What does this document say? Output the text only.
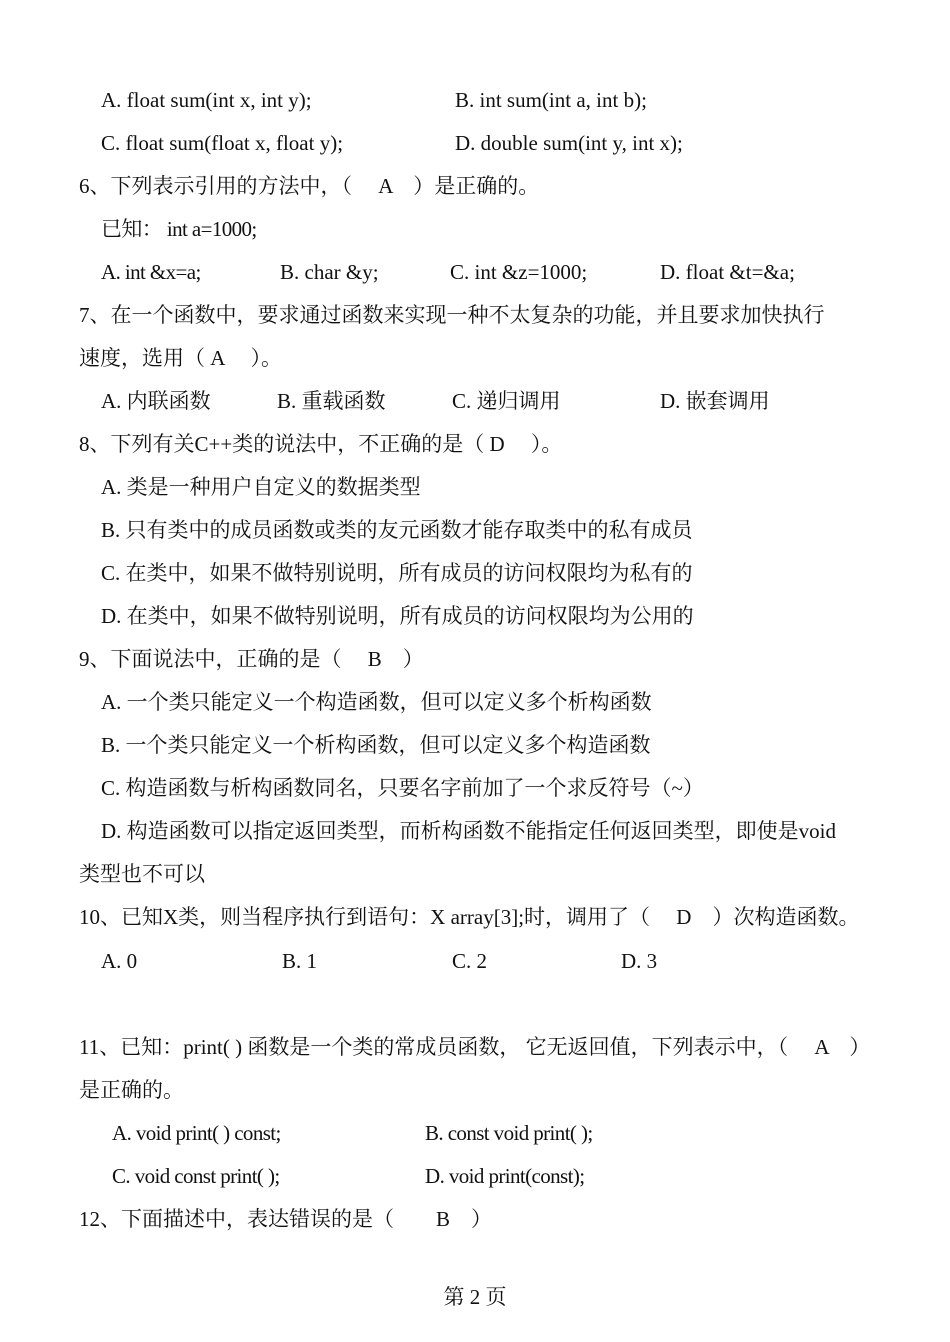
A. float sum(int x, int y);	B. int sum(int a, int b);
C. float sum(float x, float y);	D. double sum(int y, int x);
6、下列表示引用的方法中，（　 A　）是正确的。
已知： int a=1000;
A. int &x=a;	B. char &y;	C. int &z=1000;	D. float &t=&a;
7、在一个函数中，要求通过函数来实现一种不太复杂的功能，并且要求加快执行
速度，选用（ A　 ）。
A. 内联函数	B. 重载函数	C. 递归调用	D. 嵌套调用
8、下列有关C++类的说法中，不正确的是（ D　 ）。
A. 类是一种用户自定义的数据类型
B. 只有类中的成员函数或类的友元函数才能存取类中的私有成员
C. 在类中，如果不做特别说明，所有成员的访问权限均为私有的
D. 在类中，如果不做特别说明，所有成员的访问权限均为公用的
9、下面说法中，正确的是（　 B　）
A. 一个类只能定义一个构造函数，但可以定义多个析构函数
B. 一个类只能定义一个析构函数，但可以定义多个构造函数
C. 构造函数与析构函数同名，只要名字前加了一个求反符号（~）
D. 构造函数可以指定返回类型，而析构函数不能指定任何返回类型，即使是void
类型也不可以
10、已知X类，则当程序执行到语句：X array[3];时，调用了（　 D　）次构造函数。
A. 0	B. 1	C. 2	D. 3
11、已知：print( ) 函数是一个类的常成员函数， 它无返回值，下列表示中，（　 A　）
是正确的。
A. void print( ) const;	B. const void print( );
C. void const print( );	D. void print(const);
12、下面描述中，表达错误的是（　　B　）
第 2 页
